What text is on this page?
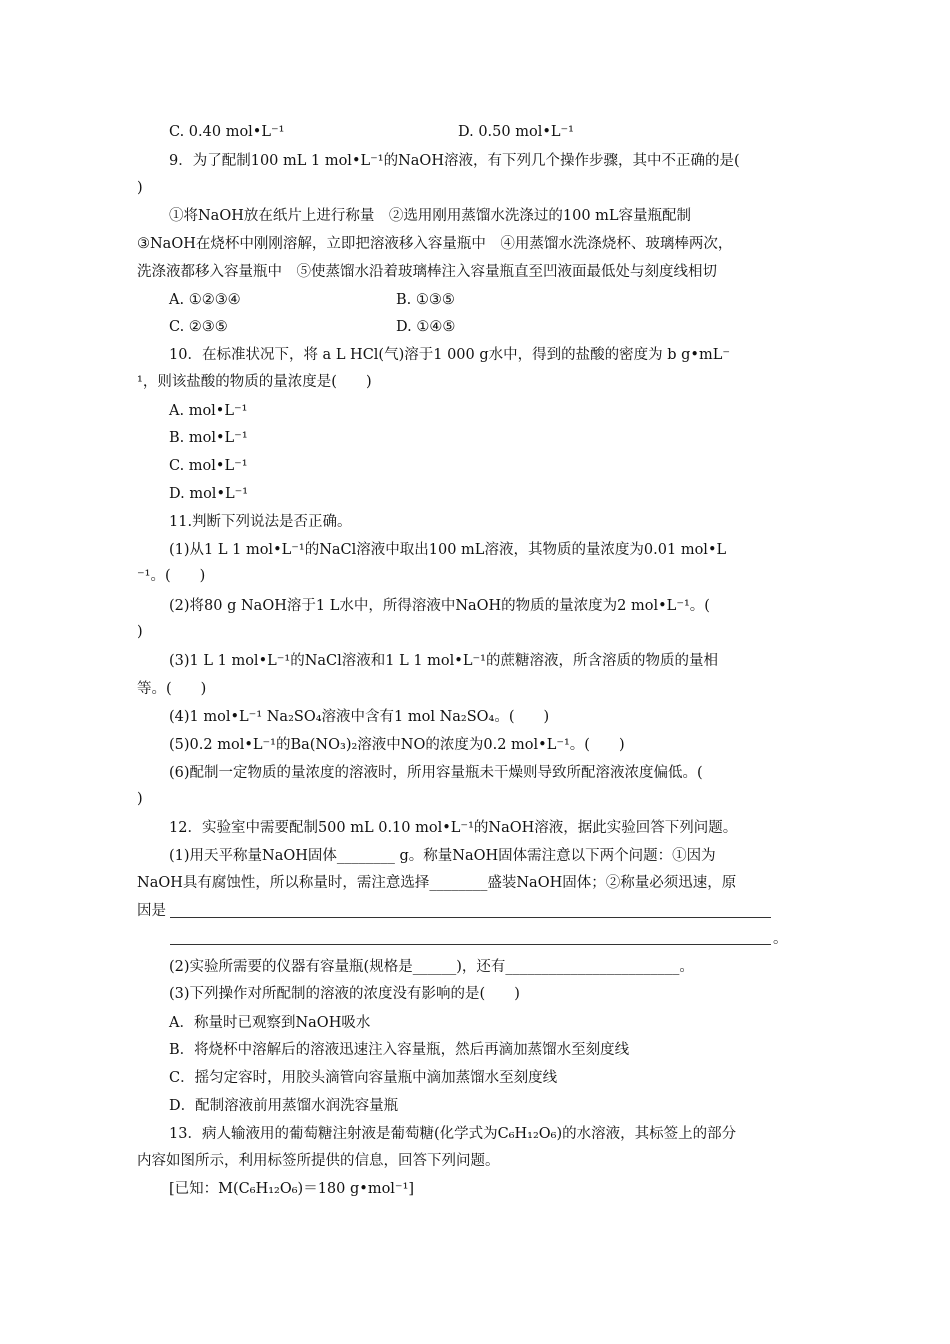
C. 0.40 mol•L⁻¹	D. 0.50 mol•L⁻¹
9．为了配制100 mL 1 mol•L⁻¹的NaOH溶液，有下列几个操作步骤，其中不正确的是(
)
①将NaOH放在纸片上进行称量　②选用刚用蒸馏水洗涤过的100 mL容量瓶配制
③NaOH在烧杯中刚刚溶解，立即把溶液移入容量瓶中　④用蒸馏水洗涤烧杯、玻璃棒两次，
洗涤液都移入容量瓶中　⑤使蒸馏水沿着玻璃棒注入容量瓶直至凹液面最低处与刻度线相切
A. ①②③④	B. ①③⑤
C. ②③⑤	D. ①④⑤
10．在标准状况下，将 a L HCl(气)溶于1 000 g水中，得到的盐酸的密度为 b g•mL⁻
¹，则该盐酸的物质的量浓度是(　　)
A. mol•L⁻¹
B. mol•L⁻¹
C. mol•L⁻¹
D. mol•L⁻¹
11.判断下列说法是否正确。
(1)从1 L 1 mol•L⁻¹的NaCl溶液中取出100 mL溶液，其物质的量浓度为0.01 mol•L
⁻¹。(　　)
(2)将80 g NaOH溶于1 L水中，所得溶液中NaOH的物质的量浓度为2 mol•L⁻¹。(
)
(3)1 L 1 mol•L⁻¹的NaCl溶液和1 L 1 mol•L⁻¹的蔗糖溶液，所含溶质的物质的量相
等。(　　)
(4)1 mol•L⁻¹ Na₂SO₄溶液中含有1 mol Na₂SO₄。(　　)
(5)0.2 mol•L⁻¹的Ba(NO₃)₂溶液中NO的浓度为0.2 mol•L⁻¹。(　　)
(6)配制一定物质的量浓度的溶液时，所用容量瓶未干燥则导致所配溶液浓度偏低。(
)
12．实验室中需要配制500 mL 0.10 mol•L⁻¹的NaOH溶液，据此实验回答下列问题。
(1)用天平称量NaOH固体________ g。称量NaOH固体需注意以下两个问题：①因为
NaOH具有腐蚀性，所以称量时，需注意选择________盛装NaOH固体；②称量必须迅速，原
因是
。
(2)实验所需要的仪器有容量瓶(规格是______)，还有________________________。
(3)下列操作对所配制的溶液的浓度没有影响的是(　　)
A．称量时已观察到NaOH吸水
B．将烧杯中溶解后的溶液迅速注入容量瓶，然后再滴加蒸馏水至刻度线
C．摇匀定容时，用胶头滴管向容量瓶中滴加蒸馏水至刻度线
D．配制溶液前用蒸馏水润洗容量瓶
13．病人输液用的葡萄糖注射液是葡萄糖(化学式为C₆H₁₂O₆)的水溶液，其标签上的部分
内容如图所示，利用标签所提供的信息，回答下列问题。
[已知：M(C₆H₁₂O₆)＝180 g•mol⁻¹]
